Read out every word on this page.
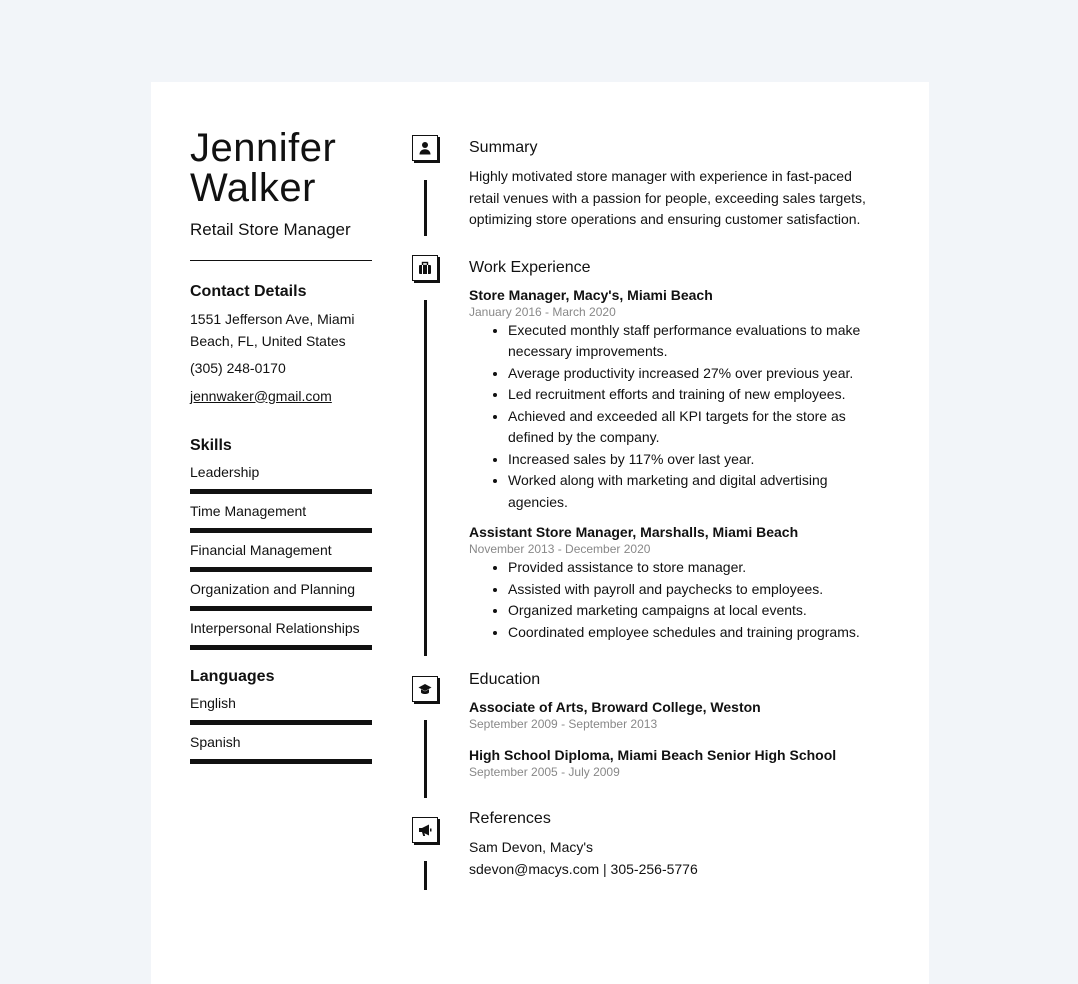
Jennifer
Walker
Retail Store Manager
Contact Details
1551 Jefferson Ave, Miami Beach, FL, United States
(305) 248-0170
jennwaker@gmail.com
Skills
Leadership
Time Management
Financial Management
Organization and Planning
Interpersonal Relationships
Languages
English
Spanish
Summary
Highly motivated store manager with experience in fast-paced retail venues with a passion for people, exceeding sales targets, optimizing store operations and ensuring customer satisfaction.
Work Experience
Store Manager, Macy's, Miami Beach
January 2016 - March 2020
• Executed monthly staff performance evaluations to make necessary improvements.
• Average productivity increased 27% over previous year.
• Led recruitment efforts and training of new employees.
• Achieved and exceeded all KPI targets for the store as defined by the company.
• Increased sales by 117% over last year.
• Worked along with marketing and digital advertising agencies.
Assistant Store Manager, Marshalls, Miami Beach
November 2013 - December 2020
• Provided assistance to store manager.
• Assisted with payroll and paychecks to employees.
• Organized marketing campaigns at local events.
• Coordinated employee schedules and training programs.
Education
Associate of Arts, Broward College, Weston
September 2009 - September 2013
High School Diploma, Miami Beach Senior High School
September 2005 - July 2009
References
Sam Devon, Macy's
sdevon@macys.com | 305-256-5776
